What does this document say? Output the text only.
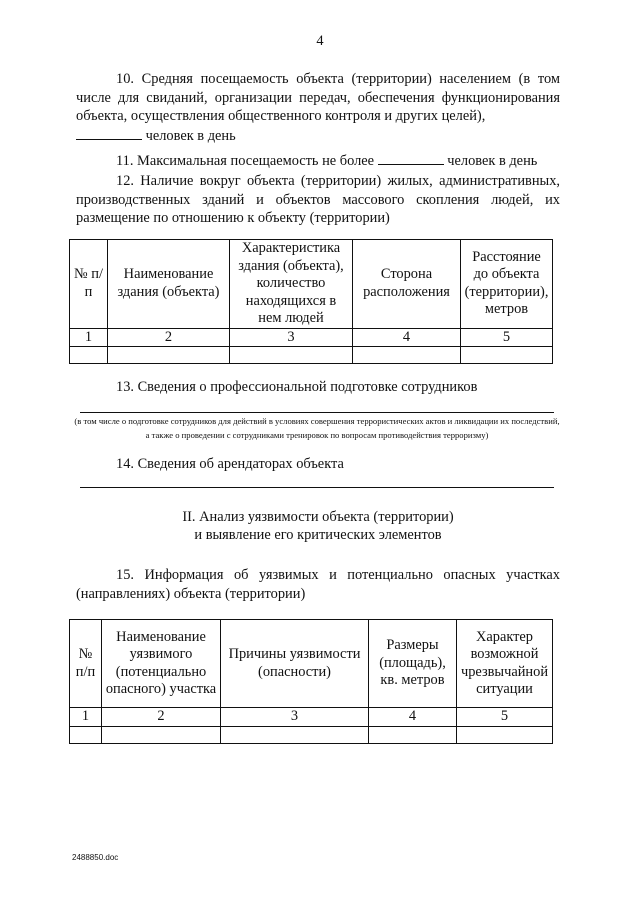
4
10. Средняя посещаемость объекта (территории) населением (в том числе для свиданий, организации передач, обеспечения функционирования объекта, осуществления общественного контроля и других целей),
человек в день
11. Максимальная посещаемость не более	человек в день
12. Наличие вокруг объекта (территории) жилых, административных, производственных зданий и объектов массового скопления людей, их размещение по отношению к объекту (территории)
№ п/п	Наименование здания (объекта)	Характеристика здания (объекта), количество находящихся в нем людей	Сторона расположения	Расстояние до объекта (территории), метров
1	2	3	4	5

13. Сведения о профессиональной подготовке сотрудников
(в том числе о подготовке сотрудников для действий в условиях совершения террористических актов и ликвидации их последствий, а также о проведении с сотрудниками тренировок по вопросам противодействия терроризму)
14. Сведения об арендаторах объекта
II. Анализ уязвимости объекта (территории)
и выявление его критических элементов
15. Информация об уязвимых и потенциально опасных участках (направлениях) объекта (территории)
№ п/п	Наименование уязвимого (потенциально опасного) участка	Причины уязвимости (опасности)	Размеры (площадь), кв. метров	Характер возможной чрезвычайной ситуации
1	2	3	4	5

2488850.doc
